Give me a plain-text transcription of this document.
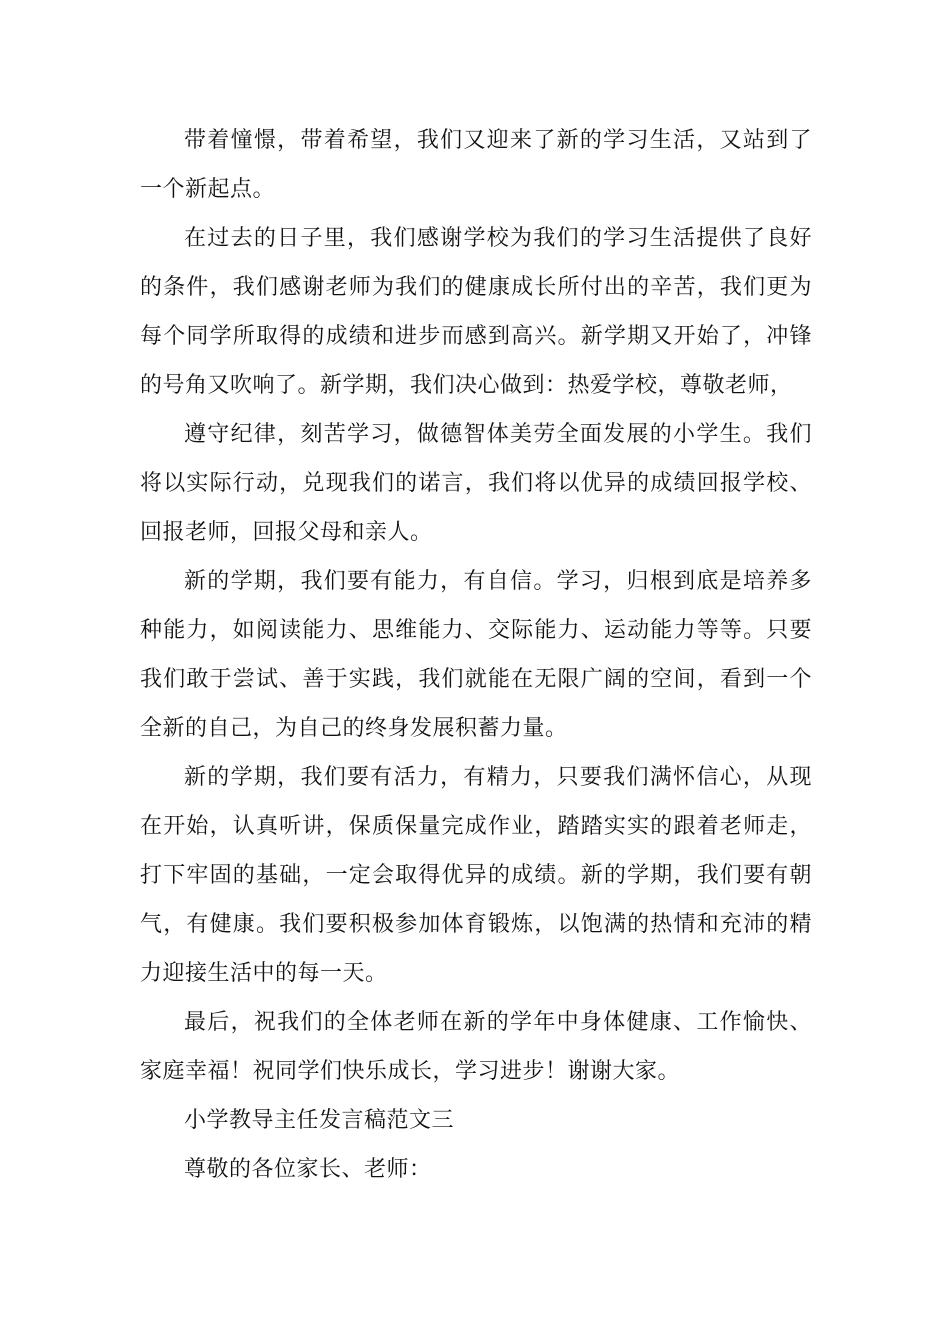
带着憧憬，带着希望，我们又迎来了新的学习生活，又站到了一个新起点。

在过去的日子里，我们感谢学校为我们的学习生活提供了良好的条件，我们感谢老师为我们的健康成长所付出的辛苦，我们更为每个同学所取得的成绩和进步而感到高兴。新学期又开始了，冲锋的号角又吹响了。新学期，我们决心做到：热爱学校，尊敬老师，

遵守纪律，刻苦学习，做德智体美劳全面发展的小学生。我们将以实际行动，兑现我们的诺言，我们将以优异的成绩回报学校、回报老师，回报父母和亲人。

新的学期，我们要有能力，有自信。学习，归根到底是培养多种能力，如阅读能力、思维能力、交际能力、运动能力等等。只要我们敢于尝试、善于实践，我们就能在无限广阔的空间，看到一个全新的自己，为自己的终身发展积蓄力量。

新的学期，我们要有活力，有精力，只要我们满怀信心，从现在开始，认真听讲，保质保量完成作业，踏踏实实的跟着老师走，打下牢固的基础，一定会取得优异的成绩。新的学期，我们要有朝气，有健康。我们要积极参加体育锻炼，以饱满的热情和充沛的精力迎接生活中的每一天。

最后，祝我们的全体老师在新的学年中身体健康、工作愉快、家庭幸福！祝同学们快乐成长，学习进步！谢谢大家。

小学教导主任发言稿范文三

尊敬的各位家长、老师：
